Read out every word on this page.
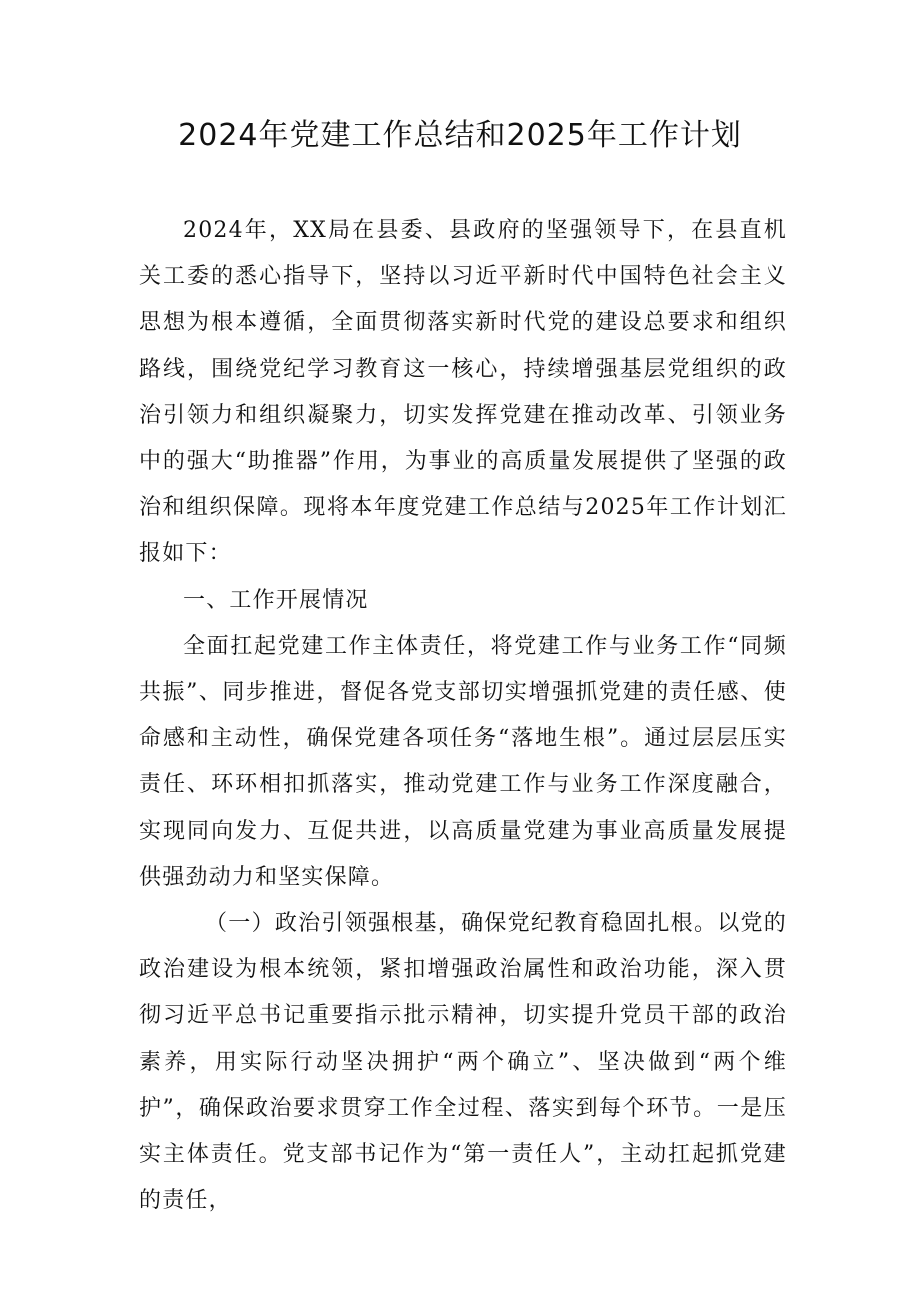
2024年党建工作总结和2025年工作计划

2024年，XX局在县委、县政府的坚强领导下，在县直机关工委的悉心指导下，坚持以习近平新时代中国特色社会主义思想为根本遵循，全面贯彻落实新时代党的建设总要求和组织路线，围绕党纪学习教育这一核心，持续增强基层党组织的政治引领力和组织凝聚力，切实发挥党建在推动改革、引领业务中的强大“助推器”作用，为事业的高质量发展提供了坚强的政治和组织保障。现将本年度党建工作总结与2025年工作计划汇报如下：

一、工作开展情况

全面扛起党建工作主体责任，将党建工作与业务工作“同频共振”、同步推进，督促各党支部切实增强抓党建的责任感、使命感和主动性，确保党建各项任务“落地生根”。通过层层压实责任、环环相扣抓落实，推动党建工作与业务工作深度融合，实现同向发力、互促共进，以高质量党建为事业高质量发展提供强劲动力和坚实保障。

（一）政治引领强根基，确保党纪教育稳固扎根。以党的政治建设为根本统领，紧扣增强政治属性和政治功能，深入贯彻习近平总书记重要指示批示精神，切实提升党员干部的政治素养，用实际行动坚决拥护“两个确立”、坚决做到“两个维护”，确保政治要求贯穿工作全过程、落实到每个环节。一是压实主体责任。党支部书记作为“第一责任人”，主动扛起抓党建的责任，
